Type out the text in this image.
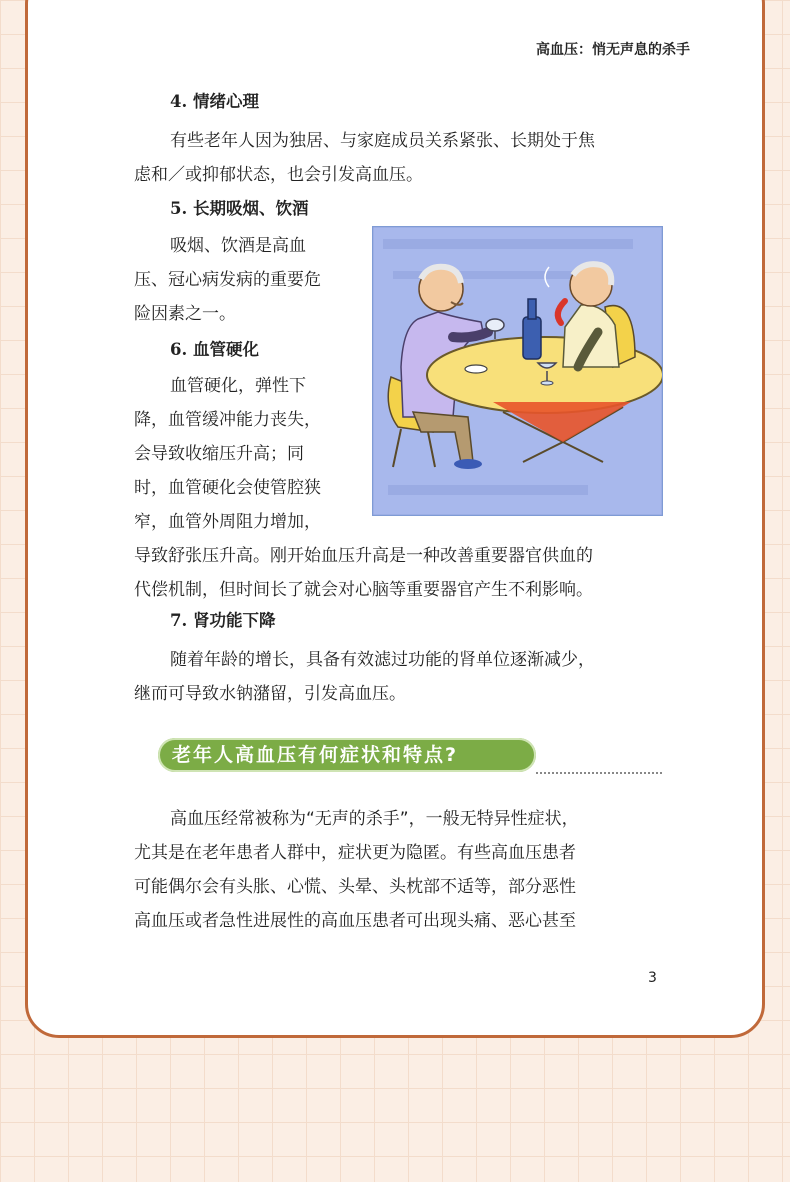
高血压：悄无声息的杀手

4. 情绪心理
有些老年人因为独居、与家庭成员关系紧张、长期处于焦
虑和／或抑郁状态，也会引发高血压。
5. 长期吸烟、饮酒
吸烟、饮酒是高血
压、冠心病发病的重要危
险因素之一。
6. 血管硬化
血管硬化，弹性下
降，血管缓冲能力丧失，
会导致收缩压升高；同
时，血管硬化会使管腔狭
窄，血管外周阻力增加，
导致舒张压升高。刚开始血压升高是一种改善重要器官供血的
代偿机制，但时间长了就会对心脑等重要器官产生不利影响。
7. 肾功能下降
随着年龄的增长，具备有效滤过功能的肾单位逐渐减少，
继而可导致水钠潴留，引发高血压。

老年人高血压有何症状和特点?

高血压经常被称为“无声的杀手”，一般无特异性症状，
尤其是在老年患者人群中，症状更为隐匿。有些高血压患者
可能偶尔会有头胀、心慌、头晕、头枕部不适等，部分恶性
高血压或者急性进展性的高血压患者可出现头痛、恶心甚至

3
